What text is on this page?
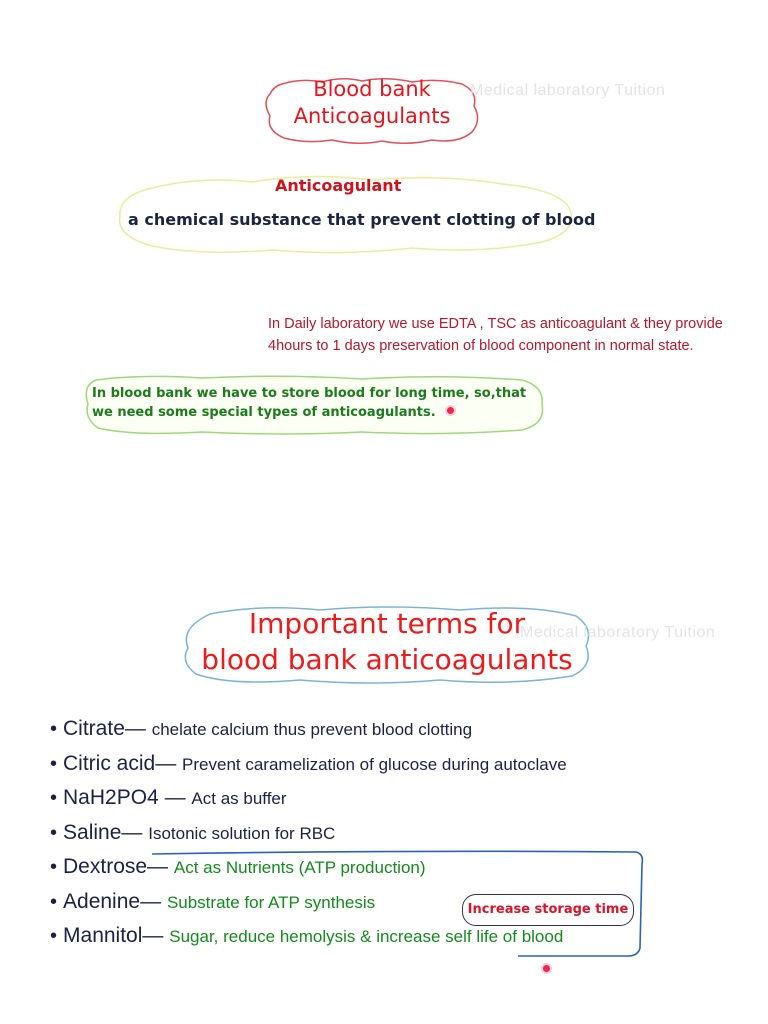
Blood bank
Anticoagulants
Medical laboratory Tuition
Anticoagulant
a chemical substance that prevent clotting of blood
In Daily laboratory we use EDTA , TSC as anticoagulant & they provide
4hours to 1 days preservation of blood component in normal state.
In blood bank we have to store blood for long time, so,that
we need some special types of anticoagulants.
Important terms for
blood bank anticoagulants
Medical laboratory Tuition
• Citrate— chelate calcium thus prevent blood clotting
• Citric acid— Prevent caramelization of glucose during autoclave
• NaH2PO4 — Act as buffer
• Saline— Isotonic solution for RBC
• Dextrose— Act as Nutrients (ATP production)
• Adenine— Substrate for ATP synthesis
• Mannitol— Sugar, reduce hemolysis & increase self life of blood
Increase storage time
